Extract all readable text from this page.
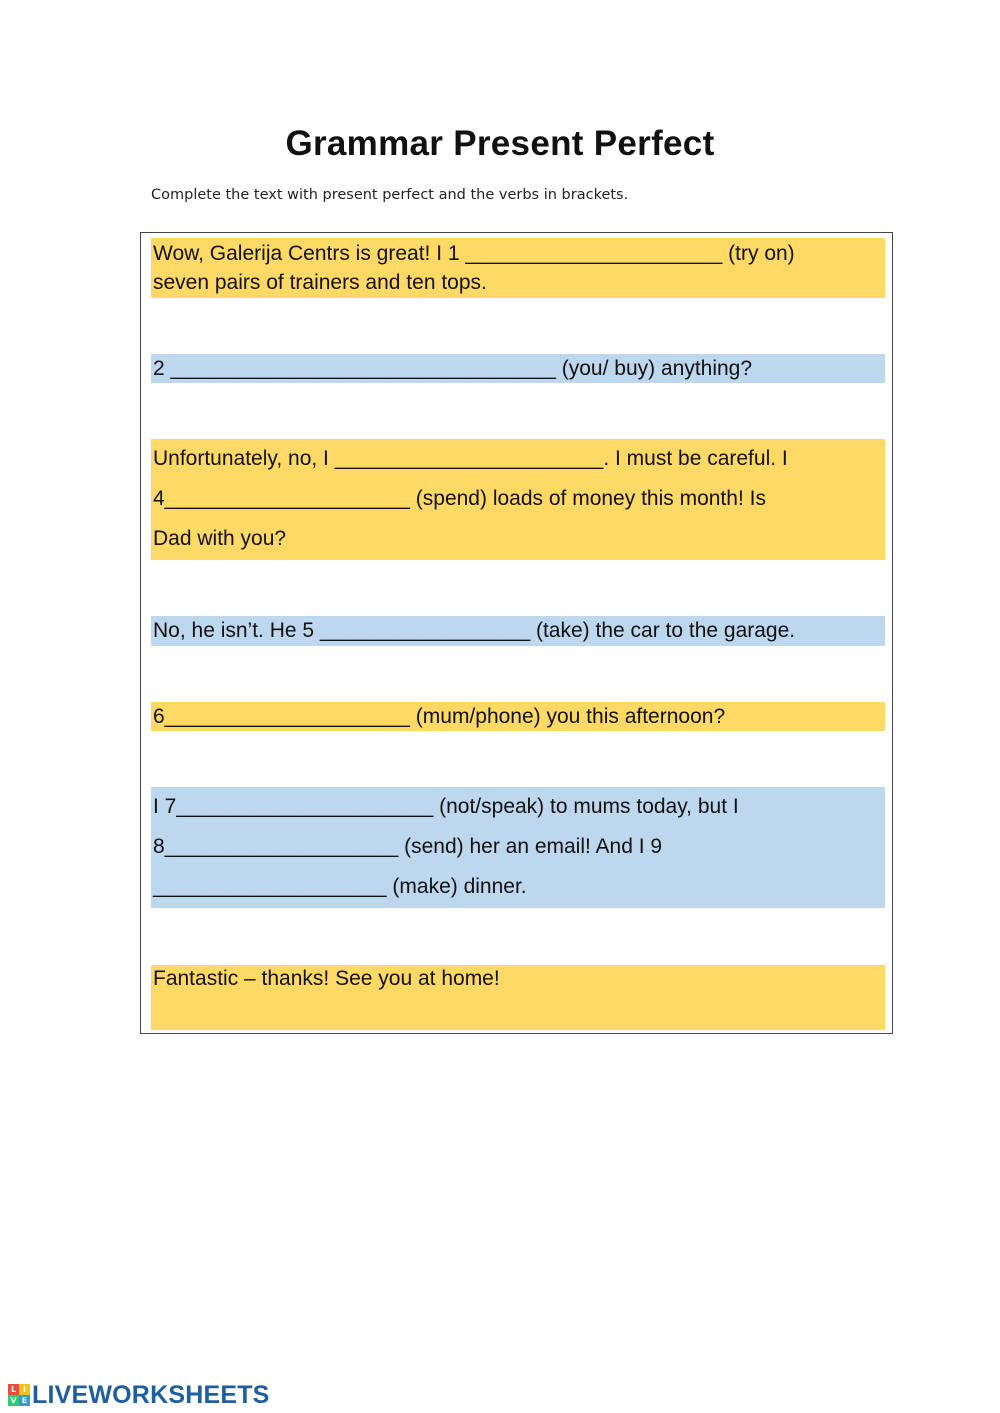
Grammar Present Perfect
Complete the text with present perfect and the verbs in brackets.
Wow, Galerija Centrs is great! I 1 ______________________ (try on)
seven pairs of trainers and ten tops.
2 _________________________________ (you/ buy) anything?
Unfortunately, no, I _______________________. I must be careful. I
4_____________________ (spend) loads of money this month! Is
Dad with you?
No, he isn’t. He 5 __________________ (take) the car to the garage.
6_____________________ (mum/phone) you this afternoon?
I 7______________________ (not/speak) to mums today, but I
8____________________ (send) her an email! And I 9
____________________ (make) dinner.
Fantastic – thanks! See you at home!
L I
V E LIVEWORKSHEETS
